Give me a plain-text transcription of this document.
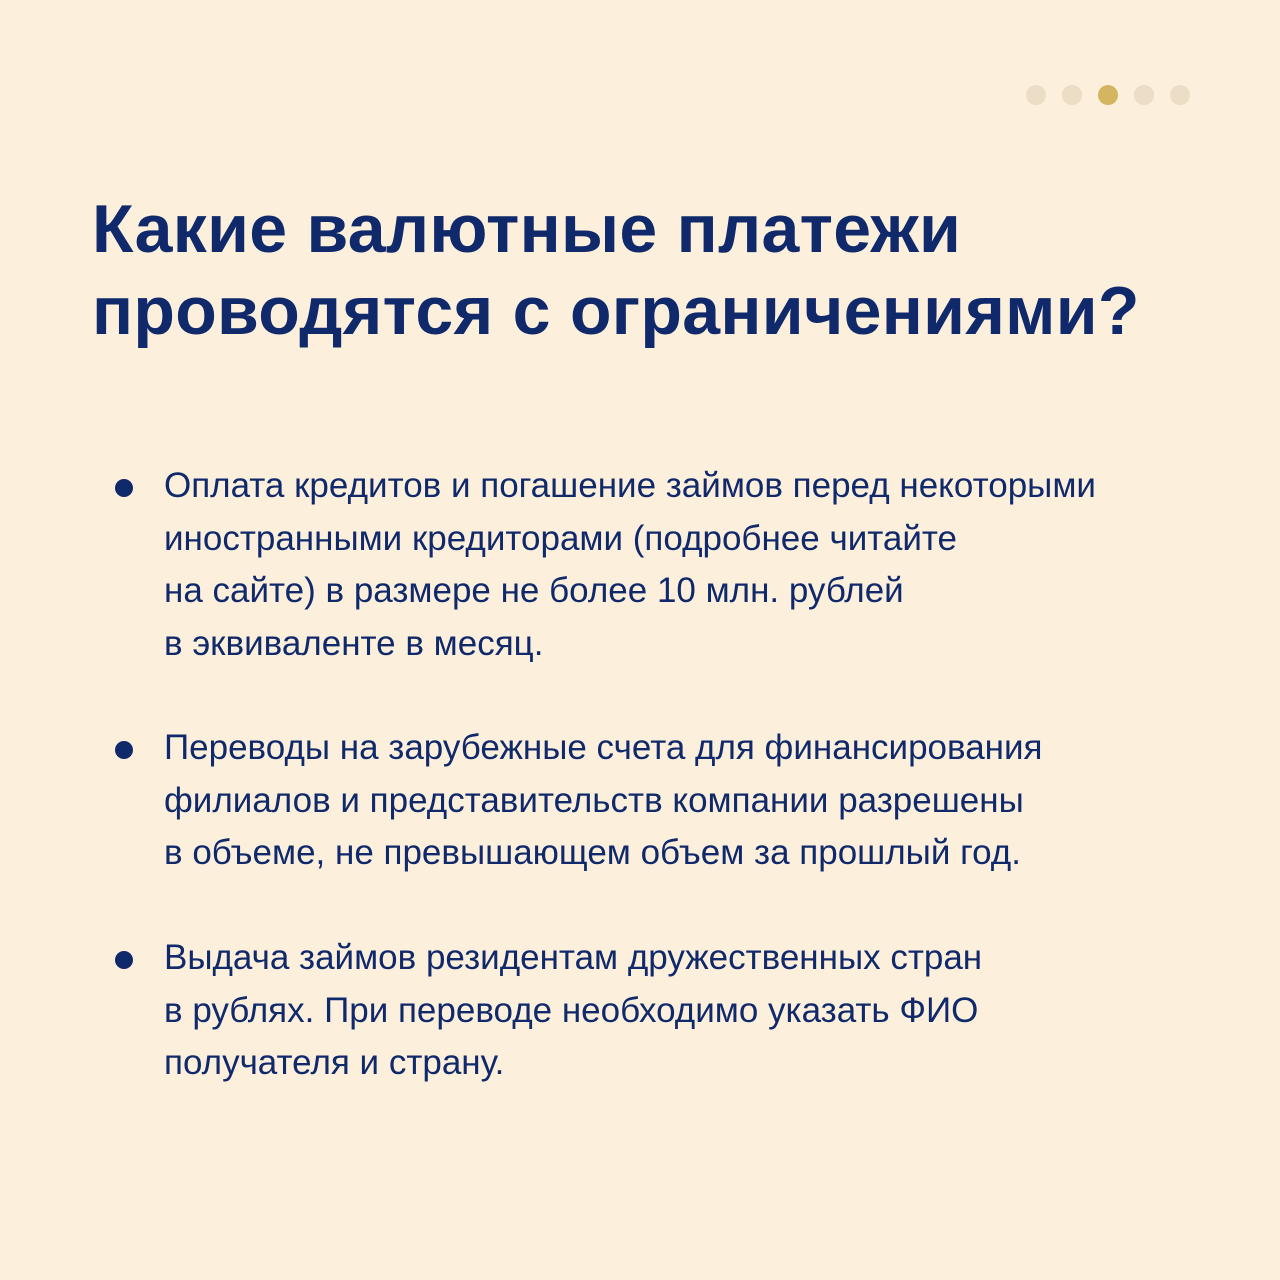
Какие валютные платежи
проводятся с ограничениями?
Оплата кредитов и погашение займов перед некоторыми
иностранными кредиторами (подробнее читайте
на сайте) в размере не более 10 млн. рублей
в эквиваленте в месяц.
Переводы на зарубежные счета для финансирования
филиалов и представительств компании разрешены
в объеме, не превышающем объем за прошлый год.
Выдача займов резидентам дружественных стран
в рублях. При переводе необходимо указать ФИО
получателя и страну.
